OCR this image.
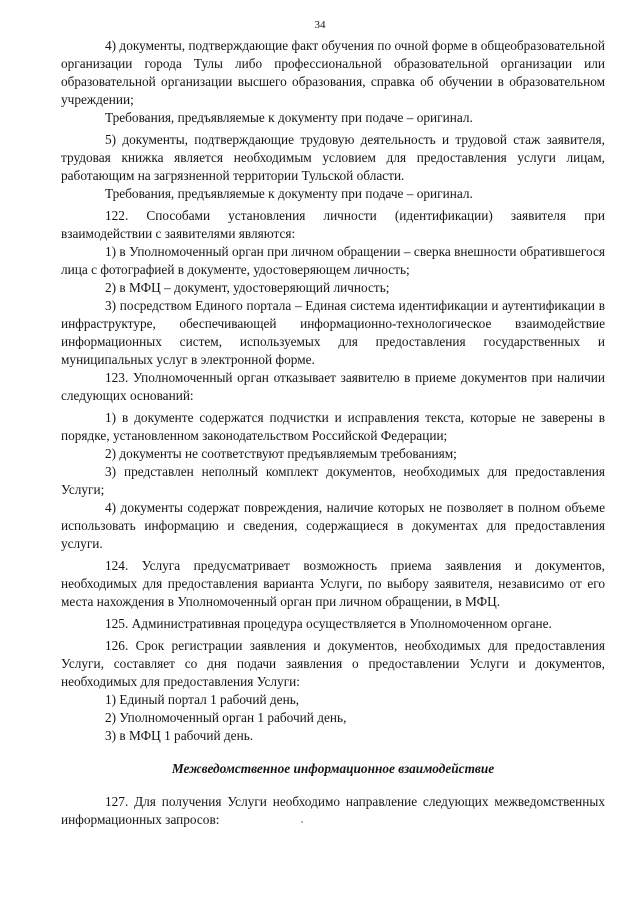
34

4) документы, подтверждающие факт обучения по очной форме в общеобразовательной организации города Тулы либо профессиональной образовательной организации или образовательной организации высшего образования, справка об обучении в образовательном учреждении;

Требования, предъявляемые к документу при подаче – оригинал.

5) документы, подтверждающие трудовую деятельность и трудовой стаж заявителя, трудовая книжка является необходимым условием для предоставления услуги лицам, работающим на загрязненной территории Тульской области.

Требования, предъявляемые к документу при подаче – оригинал.

122. Способами установления личности (идентификации) заявителя при взаимодействии с заявителями являются:

1) в Уполномоченный орган при личном обращении – сверка внешности обратившегося лица с фотографией в документе, удостоверяющем личность;

2) в МФЦ – документ, удостоверяющий личность;

3) посредством Единого портала – Единая система идентификации и аутентификации в инфраструктуре, обеспечивающей информационно-технологическое взаимодействие информационных систем, используемых для предоставления государственных и муниципальных услуг в электронной форме.

123. Уполномоченный орган отказывает заявителю в приеме документов при наличии следующих оснований:

1) в документе содержатся подчистки и исправления текста, которые не заверены в порядке, установленном законодательством Российской Федерации;

2) документы не соответствуют предъявляемым требованиям;

3) представлен неполный комплект документов, необходимых для предоставления Услуги;

4) документы содержат повреждения, наличие которых не позволяет в полном объеме использовать информацию и сведения, содержащиеся в документах для предоставления услуги.

124. Услуга предусматривает возможность приема заявления и документов, необходимых для предоставления варианта Услуги, по выбору заявителя, независимо от его места нахождения в Уполномоченный орган при личном обращении, в МФЦ.

125. Административная процедура осуществляется в Уполномоченном органе.

126. Срок регистрации заявления и документов, необходимых для предоставления Услуги, составляет со дня подачи заявления о предоставлении Услуги и документов, необходимых для предоставления Услуги:

1) Единый портал 1 рабочий день,

2) Уполномоченный орган 1 рабочий день,

3) в МФЦ 1 рабочий день.

Межведомственное информационное взаимодействие

127. Для получения Услуги необходимо направление следующих межведомственных информационных запросов:
